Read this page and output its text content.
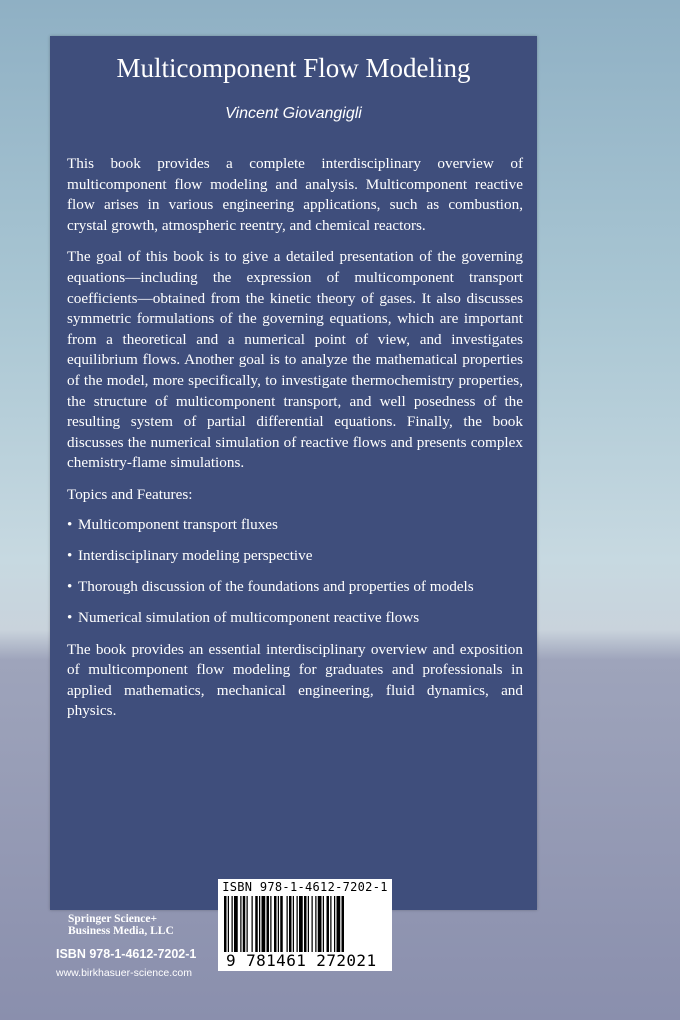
Multicomponent Flow Modeling
Vincent Giovangigli

This book provides a complete interdisciplinary overview of multicomponent flow modeling and analysis. Multicomponent reactive flow arises in various engineering applications, such as combustion, crystal growth, atmospheric reentry, and chemical reactors.

The goal of this book is to give a detailed presentation of the governing equations—including the expression of multicomponent transport coefficients—obtained from the kinetic theory of gases. It also discusses symmetric formulations of the governing equations, which are important from a theoretical and a numerical point of view, and investigates equilibrium flows. Another goal is to analyze the mathematical properties of the model, more specifically, to investigate thermochemistry properties, the structure of multicomponent transport, and well posedness of the resulting system of partial differential equations. Finally, the book discusses the numerical simulation of reactive flows and presents complex chemistry-flame simulations.

Topics and Features:

• Multicomponent transport fluxes
• Interdisciplinary modeling perspective
• Thorough discussion of the foundations and properties of models
• Numerical simulation of multicomponent reactive flows

The book provides an essential interdisciplinary overview and exposition of multicomponent flow modeling for graduates and professionals in applied mathematics, mechanical engineering, fluid dynamics, and physics.

ISBN 978-1-4612-7202-1
9 781461 272021
Springer Science+
Business Media, LLC
ISBN 978-1-4612-7202-1
www.birkhasuer-science.com
